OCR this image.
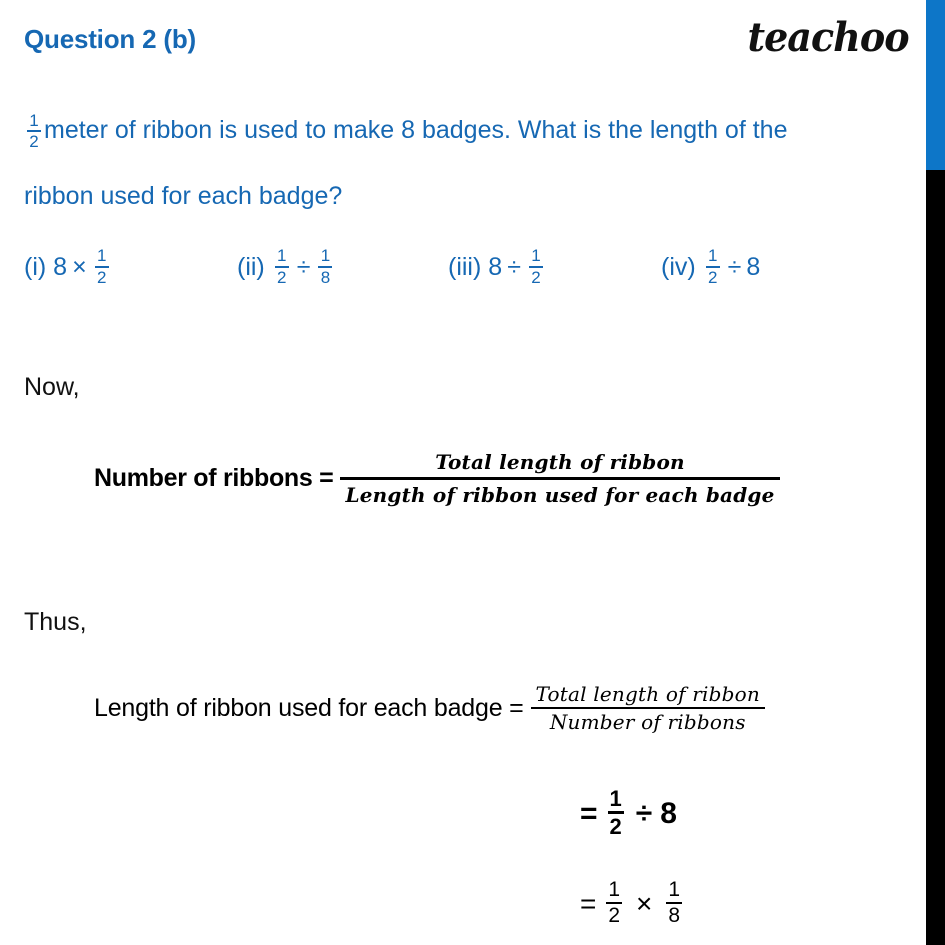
Question 2 (b)	teachoo
$\frac{1}{2}$ meter of ribbon is used to make 8 badges. What is the length of the
ribbon used for each badge?
(i)
$8 \times \frac{1}{2}$	(ii)
$\frac{1}{2} \div \frac{1}{8}$	(iii)
$8 \div \frac{1}{2}$	(iv)
$\frac{1}{2} \div 8$
Now,
Number of ribbons =
Total length of ribbon
Length of ribbon used for each badge
Thus,
Length of ribbon used for each badge = Total length of ribbon
Number of ribbons
= $\frac{1}{2} \div 8$
= $\frac{1}{2} \times \frac{1}{8}$
